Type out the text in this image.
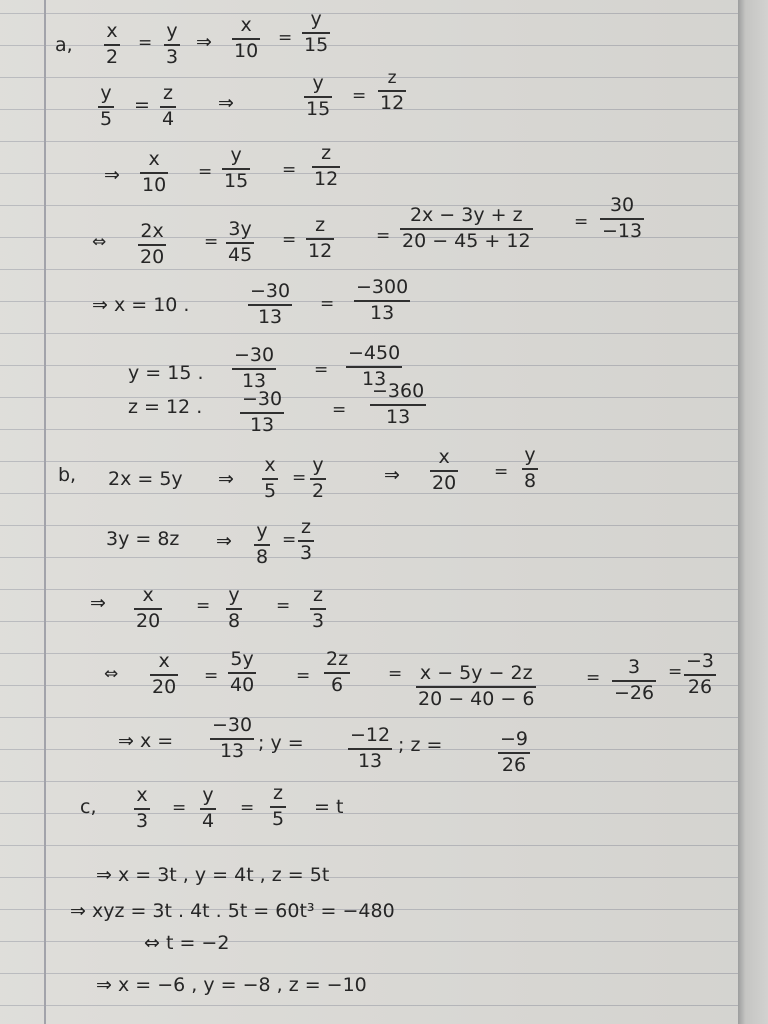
a,
x
2
=
y
3
⇒
x
10
=
y
15
y
5
=
z
4
⇒
y
15
=
z
12
⇒
x
10
=
y
15 =
z
12
⇔ 2x
20
=
3y
45
=
z
12
=
2x − 3y + z
20 − 45 + 12
=
30
−13
⇒ x = 10 .
−30
13
=
−300
13
y = 15 .
−30
13	=
−450
13
z = 12 . −30
13
=
−360
13
b, 2x = 5y ⇒
x
5
=
y
2
⇒
x
20 =
y
8
3y = 8z ⇒ y
8
=
z
3
⇒ x
20
= y
8
= z
3
⇔
x
20 =
5y
40 =
2z
6	= x − 5y − 2z
20 − 40 − 6
= 3
−26
= −3
26
⇒ x =
−30
13 ; y = −12
13
; z =	−9
26
c,
x
3
=
y
4
=
z
5
= t
⇒ x = 3t , y = 4t , z = 5t
⇒ xyz = 3t . 4t . 5t = 60t³ = −480
⇔ t = −2
⇒ x = −6 , y = −8 , z = −10
